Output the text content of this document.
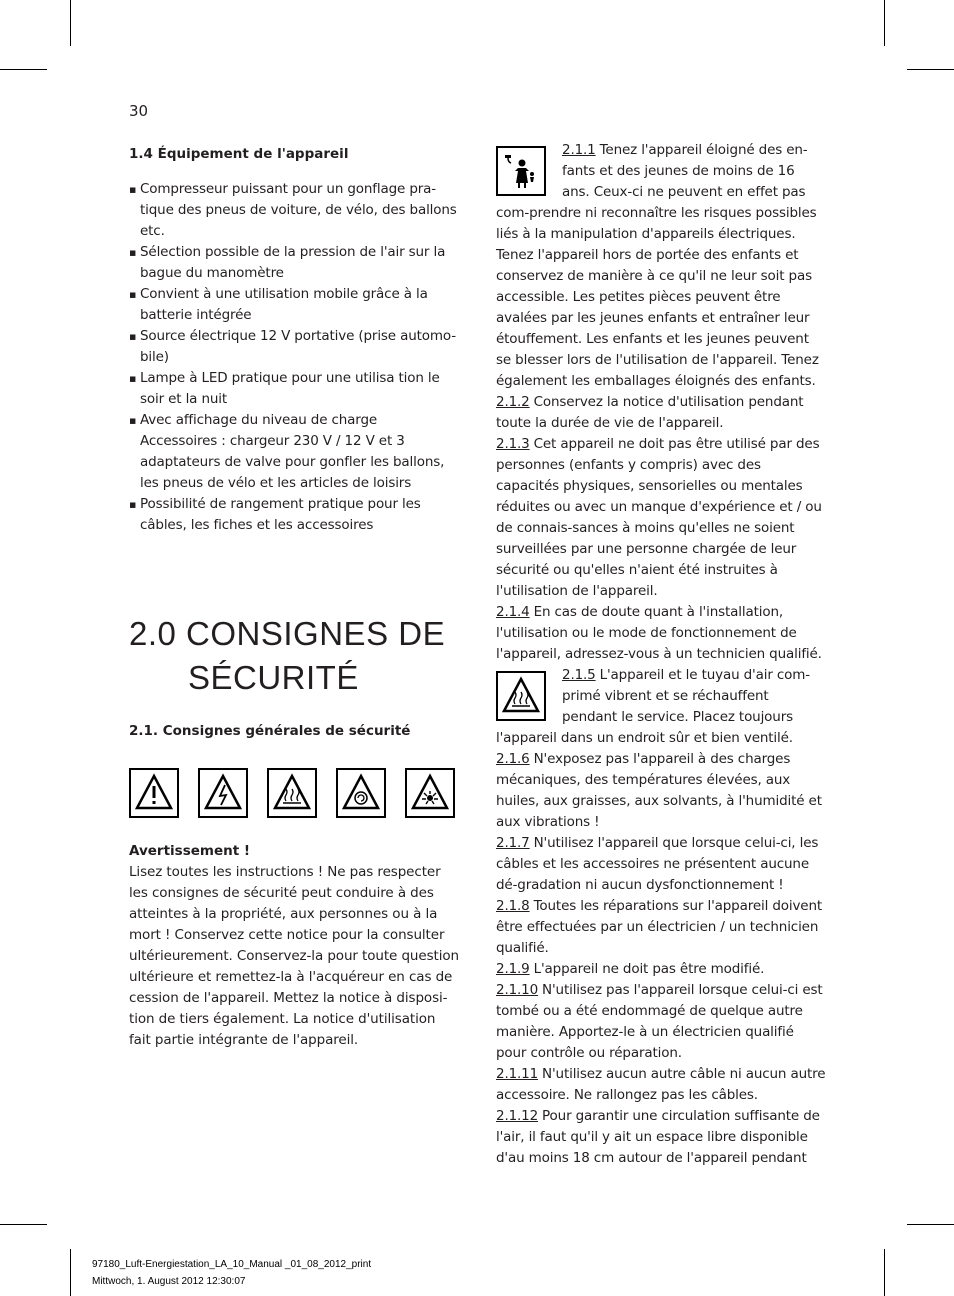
30
1.4 Équipement de l'appareil
▪ Compresseur puissant pour un gonflage pra-tique des pneus de voiture, de vélo, des ballons etc.
▪ Sélection possible de la pression de l'air sur la bague du manomètre
▪ Convient à une utilisation mobile grâce à la batterie intégrée
▪ Source électrique 12 V portative (prise automo-bile)
▪ Lampe à LED pratique pour une utilisa tion le soir et la nuit
▪ Avec affichage du niveau de charge
Accessoires : chargeur 230 V / 12 V et 3 adaptateurs de valve pour gonfler les ballons, les pneus de vélo et les articles de loisirs
▪ Possibilité de rangement pratique pour les câbles, les fiches et les accessoires
2.0 CONSIGNES DE
SÉCURITÉ
2.1. Consignes générales de sécurité
Avertissement !
Lisez toutes les instructions ! Ne pas respecter les consignes de sécurité peut conduire à des atteintes à la propriété, aux personnes ou à la mort ! Conservez cette notice pour la consulter ultérieurement. Conservez-la pour toute question ultérieure et remettez-la à l'acquéreur en cas de cession de l'appareil. Mettez la notice à disposi-tion de tiers également. La notice d'utilisation fait partie intégrante de l'appareil.

2.1.1 Tenez l'appareil éloigné des en-fants et des jeunes de moins de 16 ans. Ceux-ci ne peuvent en effet pas com-prendre ni reconnaître les risques possibles liés à la manipulation d'appareils électriques. Tenez l'appareil hors de portée des enfants et conservez de manière à ce qu'il ne leur soit pas accessible. Les petites pièces peuvent être avalées par les jeunes enfants et entraîner leur étouffement. Les enfants et les jeunes peuvent se blesser lors de l'utilisation de l'appareil. Tenez également les emballages éloignés des enfants.

2.1.2 Conservez la notice d'utilisation pendant toute la durée de vie de l'appareil.

2.1.3 Cet appareil ne doit pas être utilisé par des personnes (enfants y compris) avec des capacités physiques, sensorielles ou mentales réduites ou avec un manque d'expérience et / ou de connais-sances à moins qu'elles ne soient surveillées par une personne chargée de leur sécurité ou qu'elles n'aient été instruites à l'utilisation de l'appareil.

2.1.4 En cas de doute quant à l'installation, l'utilisation ou le mode de fonctionnement de l'appareil, adressez-vous à un technicien qualifié.

2.1.5 L'appareil et le tuyau d'air com-primé vibrent et se réchauffent pendant le service. Placez toujours l'appareil dans un endroit sûr et bien ventilé.

2.1.6 N'exposez pas l'appareil à des charges mécaniques, des températures élevées, aux huiles, aux graisses, aux solvants, à l'humidité et aux vibrations !

2.1.7 N'utilisez l'appareil que lorsque celui-ci, les câbles et les accessoires ne présentent aucune dé-gradation ni aucun dysfonctionnement !

2.1.8 Toutes les réparations sur l'appareil doivent être effectuées par un électricien / un technicien qualifié.

2.1.9 L'appareil ne doit pas être modifié.

2.1.10 N'utilisez pas l'appareil lorsque celui-ci est tombé ou a été endommagé de quelque autre manière. Apportez-le à un électricien qualifié pour contrôle ou réparation.

2.1.11 N'utilisez aucun autre câble ni aucun autre accessoire. Ne rallongez pas les câbles.

2.1.12 Pour garantir une circulation suffisante de l'air, il faut qu'il y ait un espace libre disponible d'au moins 18 cm autour de l'appareil pendant

97180_Luft-Energiestation_LA_10_Manual _01_08_2012_print
Mittwoch, 1. August 2012 12:30:07
